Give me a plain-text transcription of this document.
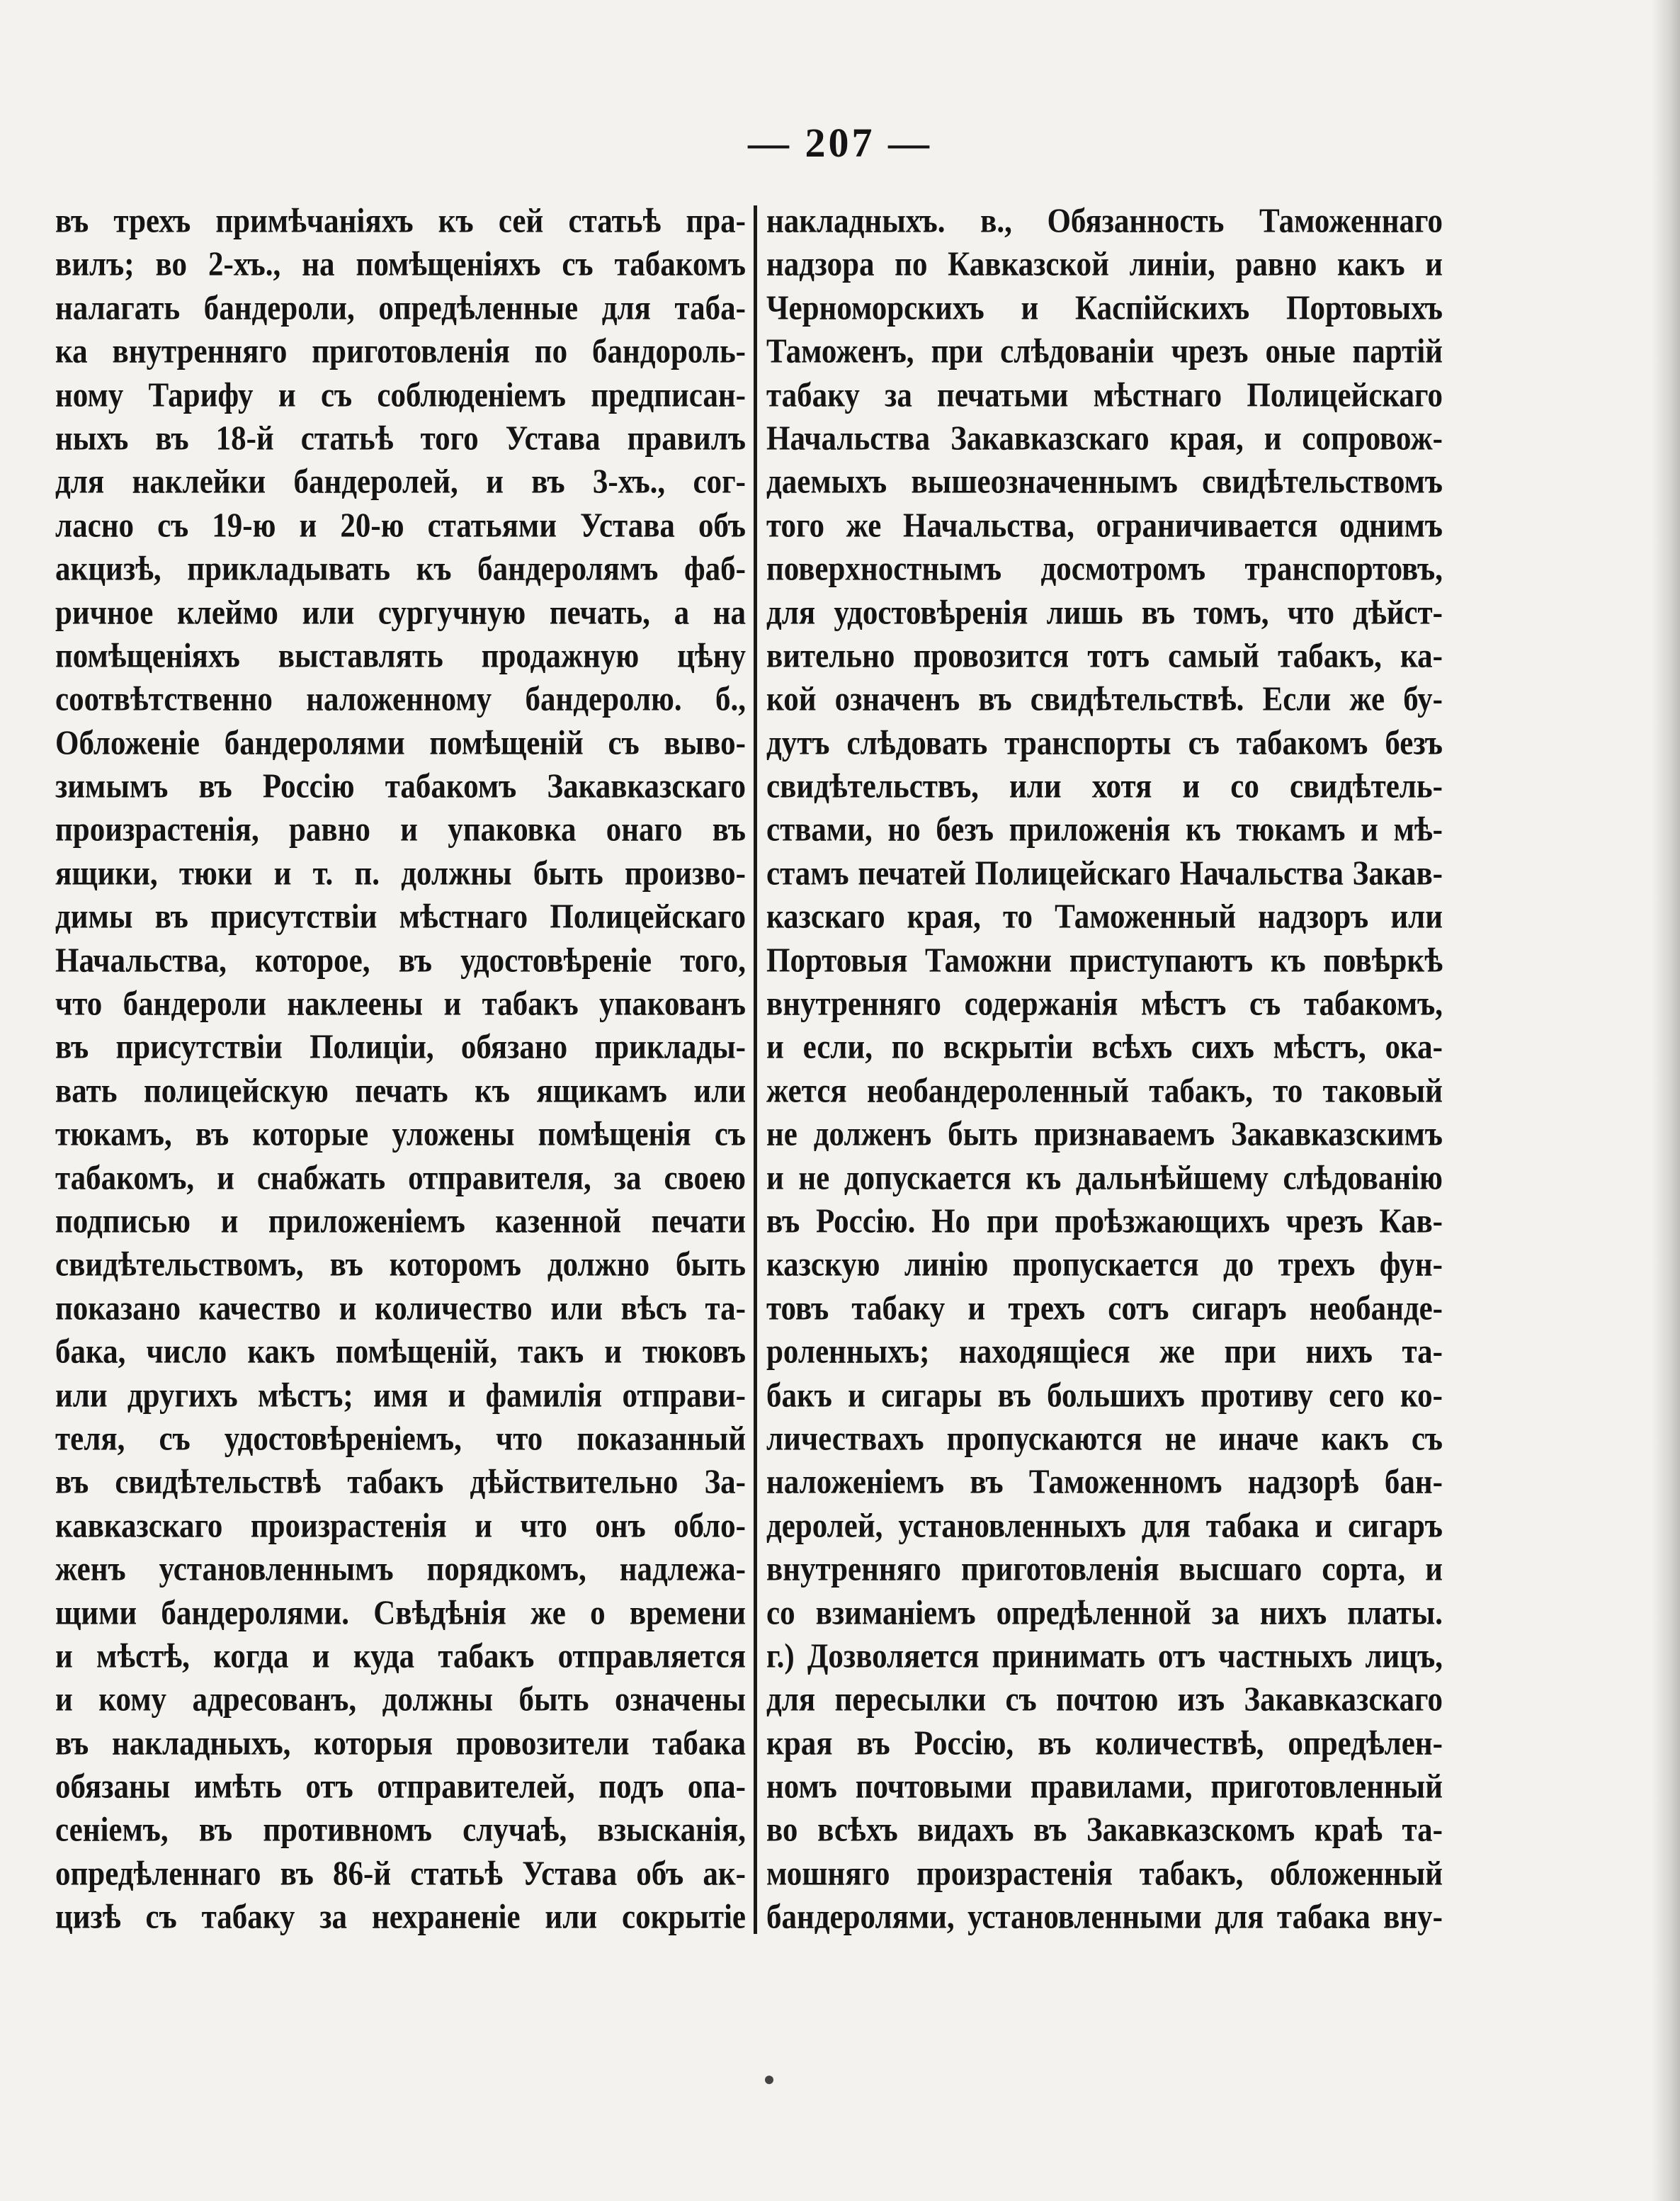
— 207 —
въ трехъ примѣчаніяхъ къ сей статьѣ пра-
вилъ; во 2-хъ., на помѣщеніяхъ съ табакомъ
налагать бандероли, опредѣленные для таба-
ка внутренняго приготовленія по бандороль-
ному Тарифу и съ соблюденіемъ предписан-
ныхъ въ 18-й статьѣ того Устава правилъ
для наклейки бандеролей, и въ 3-хъ., сог-
ласно съ 19-ю и 20-ю статьями Устава объ
акцизѣ, прикладывать къ бандеролямъ фаб-
ричное клеймо или сургучную печать, а на
помѣщеніяхъ выставлять продажную цѣну
соотвѣтственно наложенному бандеролю. б.,
Обложеніе бандеролями помѣщеній съ выво-
зимымъ въ Россію табакомъ Закавказскаго
произрастенія, равно и упаковка онаго въ
ящики, тюки и т. п. должны быть произво-
димы въ присутствіи мѣстнаго Полицейскаго
Начальства, которое, въ удостовѣреніе того,
что бандероли наклеены и табакъ упакованъ
въ присутствіи Полиціи, обязано приклады-
вать полицейскую печать къ ящикамъ или
тюкамъ, въ которые уложены помѣщенія съ
табакомъ, и снабжать отправителя, за своею
подписью и приложеніемъ казенной печати
свидѣтельствомъ, въ которомъ должно быть
показано качество и количество или вѣсъ та-
бака, число какъ помѣщеній, такъ и тюковъ
или другихъ мѣстъ; имя и фамилія отправи-
теля, съ удостовѣреніемъ, что показанный
въ свидѣтельствѣ табакъ дѣйствительно За-
кавказскаго произрастенія и что онъ обло-
женъ установленнымъ порядкомъ, надлежа-
щими бандеролями. Свѣдѣнія же о времени
и мѣстѣ, когда и куда табакъ отправляется
и кому адресованъ, должны быть означены
въ накладныхъ, которыя провозители табака
обязаны имѣть отъ отправителей, подъ опа-
сеніемъ, въ противномъ случаѣ, взысканія,
опредѣленнаго въ 86-й статьѣ Устава объ ак-
цизѣ съ табаку за нехраненіе или сокрытіе
накладныхъ. в., Обязанность Таможеннаго
надзора по Кавказской линіи, равно какъ и
Черноморскихъ и Каспійскихъ Портовыхъ
Таможенъ, при слѣдованіи чрезъ оные партій
табаку за печатьми мѣстнаго Полицейскаго
Начальства Закавказскаго края, и сопровож-
даемыхъ вышеозначеннымъ свидѣтельствомъ
того же Начальства, ограничивается однимъ
поверхностнымъ досмотромъ транспортовъ,
для удостовѣренія лишь въ томъ, что дѣйст-
вительно провозится тотъ самый табакъ, ка-
кой означенъ въ свидѣтельствѣ. Если же бу-
дутъ слѣдовать транспорты съ табакомъ безъ
свидѣтельствъ, или хотя и со свидѣтель-
ствами, но безъ приложенія къ тюкамъ и мѣ-
стамъ печатей Полицейскаго Начальства Закав-
казскаго края, то Таможенный надзоръ или
Портовыя Таможни приступаютъ къ повѣркѣ
внутренняго содержанія мѣстъ съ табакомъ,
и если, по вскрытіи всѣхъ сихъ мѣстъ, ока-
жется необандероленный табакъ, то таковый
не долженъ быть признаваемъ Закавказскимъ
и не допускается къ дальнѣйшему слѣдованію
въ Россію. Но при проѣзжающихъ чрезъ Кав-
казскую линію пропускается до трехъ фун-
товъ табаку и трехъ сотъ сигаръ необанде-
роленныхъ; находящіеся же при нихъ та-
бакъ и сигары въ большихъ противу сего ко-
личествахъ пропускаются не иначе какъ съ
наложеніемъ въ Таможенномъ надзорѣ бан-
деролей, установленныхъ для табака и сигаръ
внутренняго приготовленія высшаго сорта, и
со взиманіемъ опредѣленной за нихъ платы.
г.) Дозволяется принимать отъ частныхъ лицъ,
для пересылки съ почтою изъ Закавказскаго
края въ Россію, въ количествѣ, опредѣлен-
номъ почтовыми правилами, приготовленный
во всѣхъ видахъ въ Закавказскомъ краѣ та-
мошняго произрастенія табакъ, обложенный
бандеролями, установленными для табака вну-
